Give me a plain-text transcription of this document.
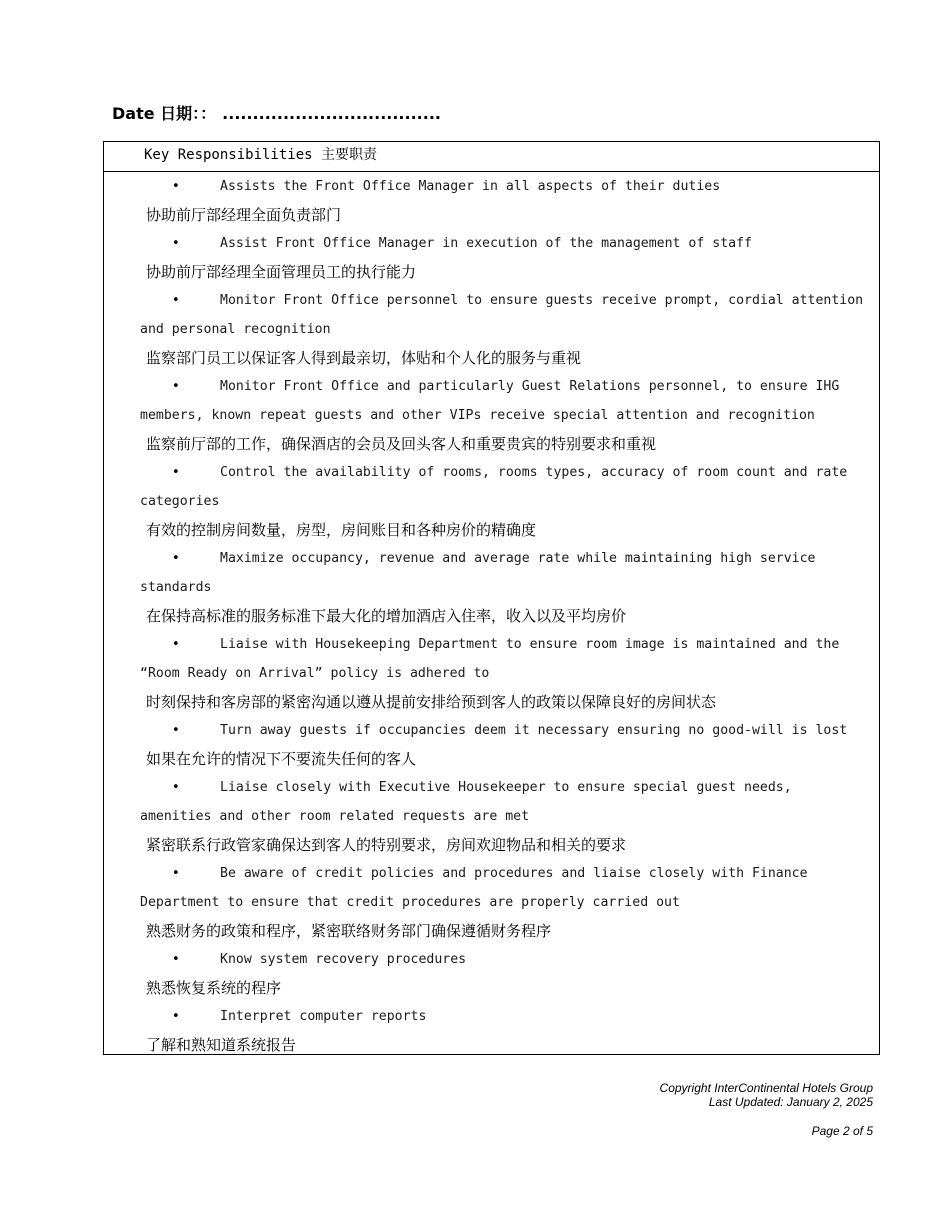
Date 日期：： ....................................
Key Responsibilities 主要职责
•	Assists the Front Office Manager in all aspects of their duties
协助前厅部经理全面负责部门
•	Assist Front Office Manager in execution of the management of staff
协助前厅部经理全面管理员工的执行能力
•	Monitor Front Office personnel to ensure guests receive prompt, cordial attention and personal recognition
监察部门员工以保证客人得到最亲切，体贴和个人化的服务与重视
•	Monitor Front Office and particularly Guest Relations personnel, to ensure IHG members, known repeat guests and other VIPs receive special attention and recognition
监察前厅部的工作，确保酒店的会员及回头客人和重要贵宾的特别要求和重视
•	Control the availability of rooms, rooms types, accuracy of room count and rate categories
有效的控制房间数量，房型，房间账目和各种房价的精确度
•	Maximize occupancy, revenue and average rate while maintaining high service standards
在保持高标准的服务标准下最大化的增加酒店入住率，收入以及平均房价
•	Liaise with Housekeeping Department to ensure room image is maintained and the “Room Ready on Arrival” policy is adhered to
时刻保持和客房部的紧密沟通以遵从提前安排给预到客人的政策以保障良好的房间状态
•	Turn away guests if occupancies deem it necessary ensuring no good-will is lost
如果在允许的情况下不要流失任何的客人
•	Liaise closely with Executive Housekeeper to ensure special guest needs, amenities and other room related requests are met
紧密联系行政管家确保达到客人的特别要求，房间欢迎物品和相关的要求
•	Be aware of credit policies and procedures and liaise closely with Finance Department to ensure that credit procedures are properly carried out
熟悉财务的政策和程序，紧密联络财务部门确保遵循财务程序
•	Know system recovery procedures
熟悉恢复系统的程序
•	Interpret computer reports
了解和熟知道系统报告
Copyright InterContinental Hotels Group
Last Updated: January 2, 2025
Page 2 of 5
